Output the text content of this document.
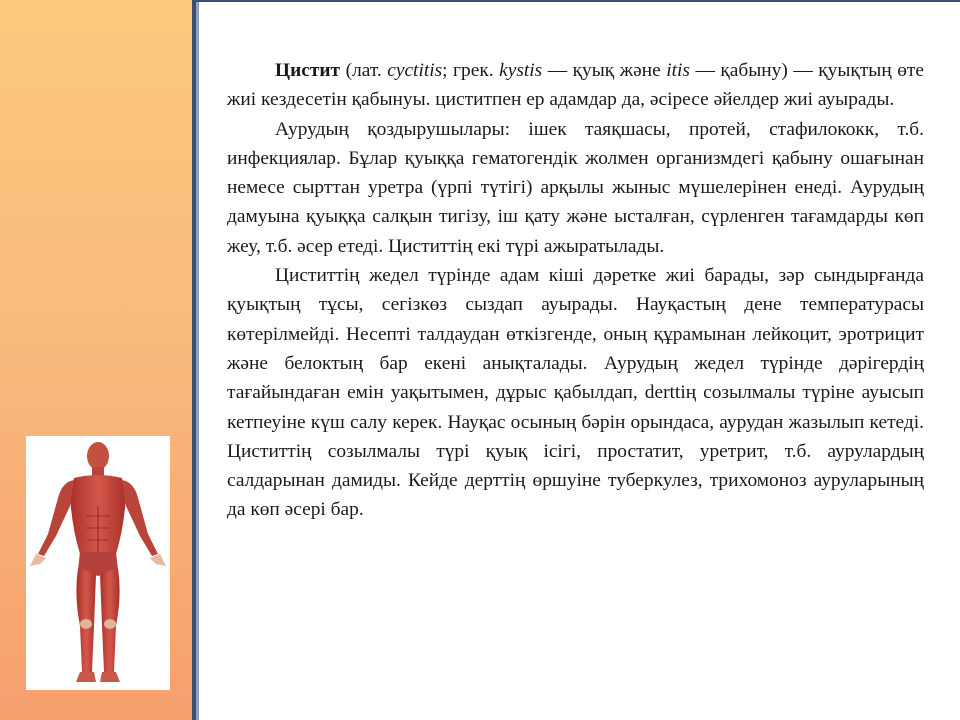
Цистит (лат. cyctitis; грек. kystis — қуық және itis — қабыну) — қуықтың өте жиі кездесетін қабынуы. циститпен ер адамдар да, әсіресе әйелдер жиі ауырады.

Аурудың қоздырушылары: ішек таяқшасы, протей, стафилококк, т.б. инфекциялар. Бұлар қуыққа гематогендік жолмен организмдегі қабыну ошағынан немесе сырттан уретра (үрпі түтігі) арқылы жыныс мүшелерінен енеді. Аурудың дамуына қуыққа салқын тигізу, іш қату және ысталған, сүрленген тағамдарды көп жеу, т.б. әсер етеді. Циститтің екі түрі ажыратылады.

Циститтің жедел түрінде адам кіші дәретке жиі барады, зәр сындырғанда қуықтың тұсы, сегізкөз сыздап ауырады. Науқастың дене температурасы көтерілмейді. Несепті талдаудан өткізгенде, оның құрамынан лейкоцит, эротрицит және белоктың бар екені анықталады. Аурудың жедел түрінде дәрігердің тағайындаған емін уақытымен, дұрыс қабылдап, derttiң созылмалы түріне ауысып кетпеуіне күш салу керек. Науқас осының бәрін орындаса, аурудан жазылып кетеді. Циститтің созылмалы түрі қуық ісігі, простатит, уретрит, т.б. аурулардың салдарынан дамиды. Кейде дерттің өршуіне туберкулез, трихомоноз ауруларының да көп әсері бар.
